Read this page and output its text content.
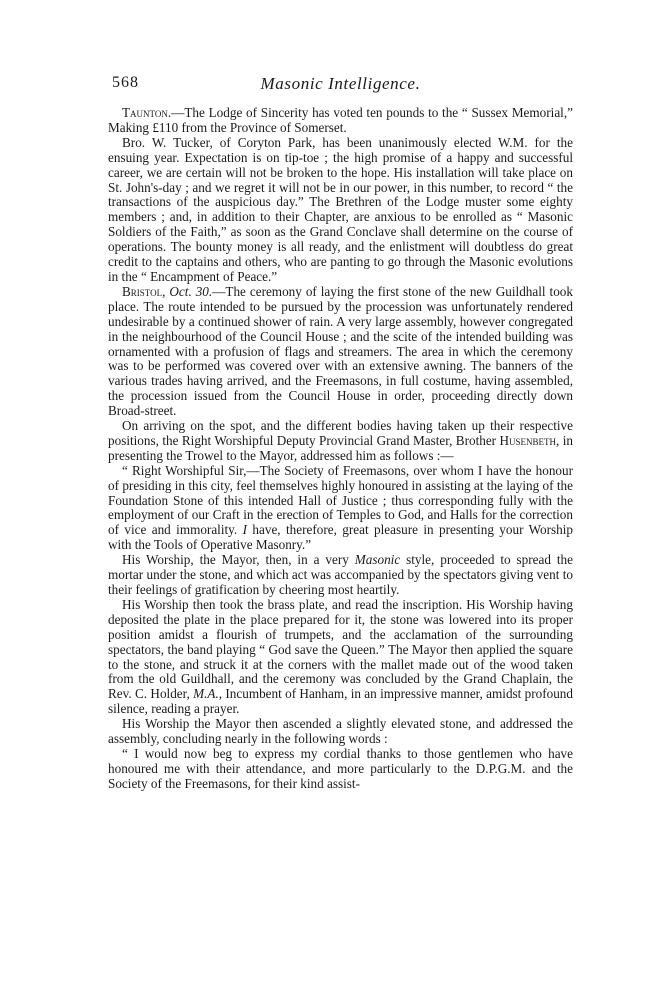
568	Masonic Intelligence.

Taunton.—The Lodge of Sincerity has voted ten pounds to the “ Sussex Memorial,” Making £110 from the Province of Somerset.

Bro. W. Tucker, of Coryton Park, has been unanimously elected W.M. for the ensuing year. Expectation is on tip-toe ; the high promise of a happy and successful career, we are certain will not be broken to the hope. His installation will take place on St. John's-day ; and we regret it will not be in our power, in this number, to record “ the transactions of the auspicious day.” The Brethren of the Lodge muster some eighty members ; and, in addition to their Chapter, are anxious to be enrolled as “ Masonic Soldiers of the Faith,” as soon as the Grand Conclave shall determine on the course of operations. The bounty money is all ready, and the enlistment will doubtless do great credit to the captains and others, who are panting to go through the Masonic evolutions in the “ Encampment of Peace.”

Bristol, Oct. 30.—The ceremony of laying the first stone of the new Guildhall took place. The route intended to be pursued by the procession was unfortunately rendered undesirable by a continued shower of rain. A very large assembly, however congregated in the neighbourhood of the Council House ; and the scite of the intended building was ornamented with a profusion of flags and streamers. The area in which the ceremony was to be performed was covered over with an extensive awning. The banners of the various trades having arrived, and the Freemasons, in full costume, having assembled, the procession issued from the Council House in order, proceeding directly down Broad-street.

On arriving on the spot, and the different bodies having taken up their respective positions, the Right Worshipful Deputy Provincial Grand Master, Brother Husenbeth, in presenting the Trowel to the Mayor, addressed him as follows :—

“ Right Worshipful Sir,—The Society of Freemasons, over whom I have the honour of presiding in this city, feel themselves highly honoured in assisting at the laying of the Foundation Stone of this intended Hall of Justice ; thus corresponding fully with the employment of our Craft in the erection of Temples to God, and Halls for the correction of vice and immorality. I have, therefore, great pleasure in presenting your Worship with the Tools of Operative Masonry.”

His Worship, the Mayor, then, in a very Masonic style, proceeded to spread the mortar under the stone, and which act was accompanied by the spectators giving vent to their feelings of gratification by cheering most heartily.

His Worship then took the brass plate, and read the inscription. His Worship having deposited the plate in the place prepared for it, the stone was lowered into its proper position amidst a flourish of trumpets, and the acclamation of the surrounding spectators, the band playing “ God save the Queen.” The Mayor then applied the square to the stone, and struck it at the corners with the mallet made out of the wood taken from the old Guildhall, and the ceremony was concluded by the Grand Chaplain, the Rev. C. Holder, M.A., Incumbent of Hanham, in an impressive manner, amidst profound silence, reading a prayer.

His Worship the Mayor then ascended a slightly elevated stone, and addressed the assembly, concluding nearly in the following words :

“ I would now beg to express my cordial thanks to those gentlemen who have honoured me with their attendance, and more particularly to the D.P.G.M. and the Society of the Freemasons, for their kind assist-
